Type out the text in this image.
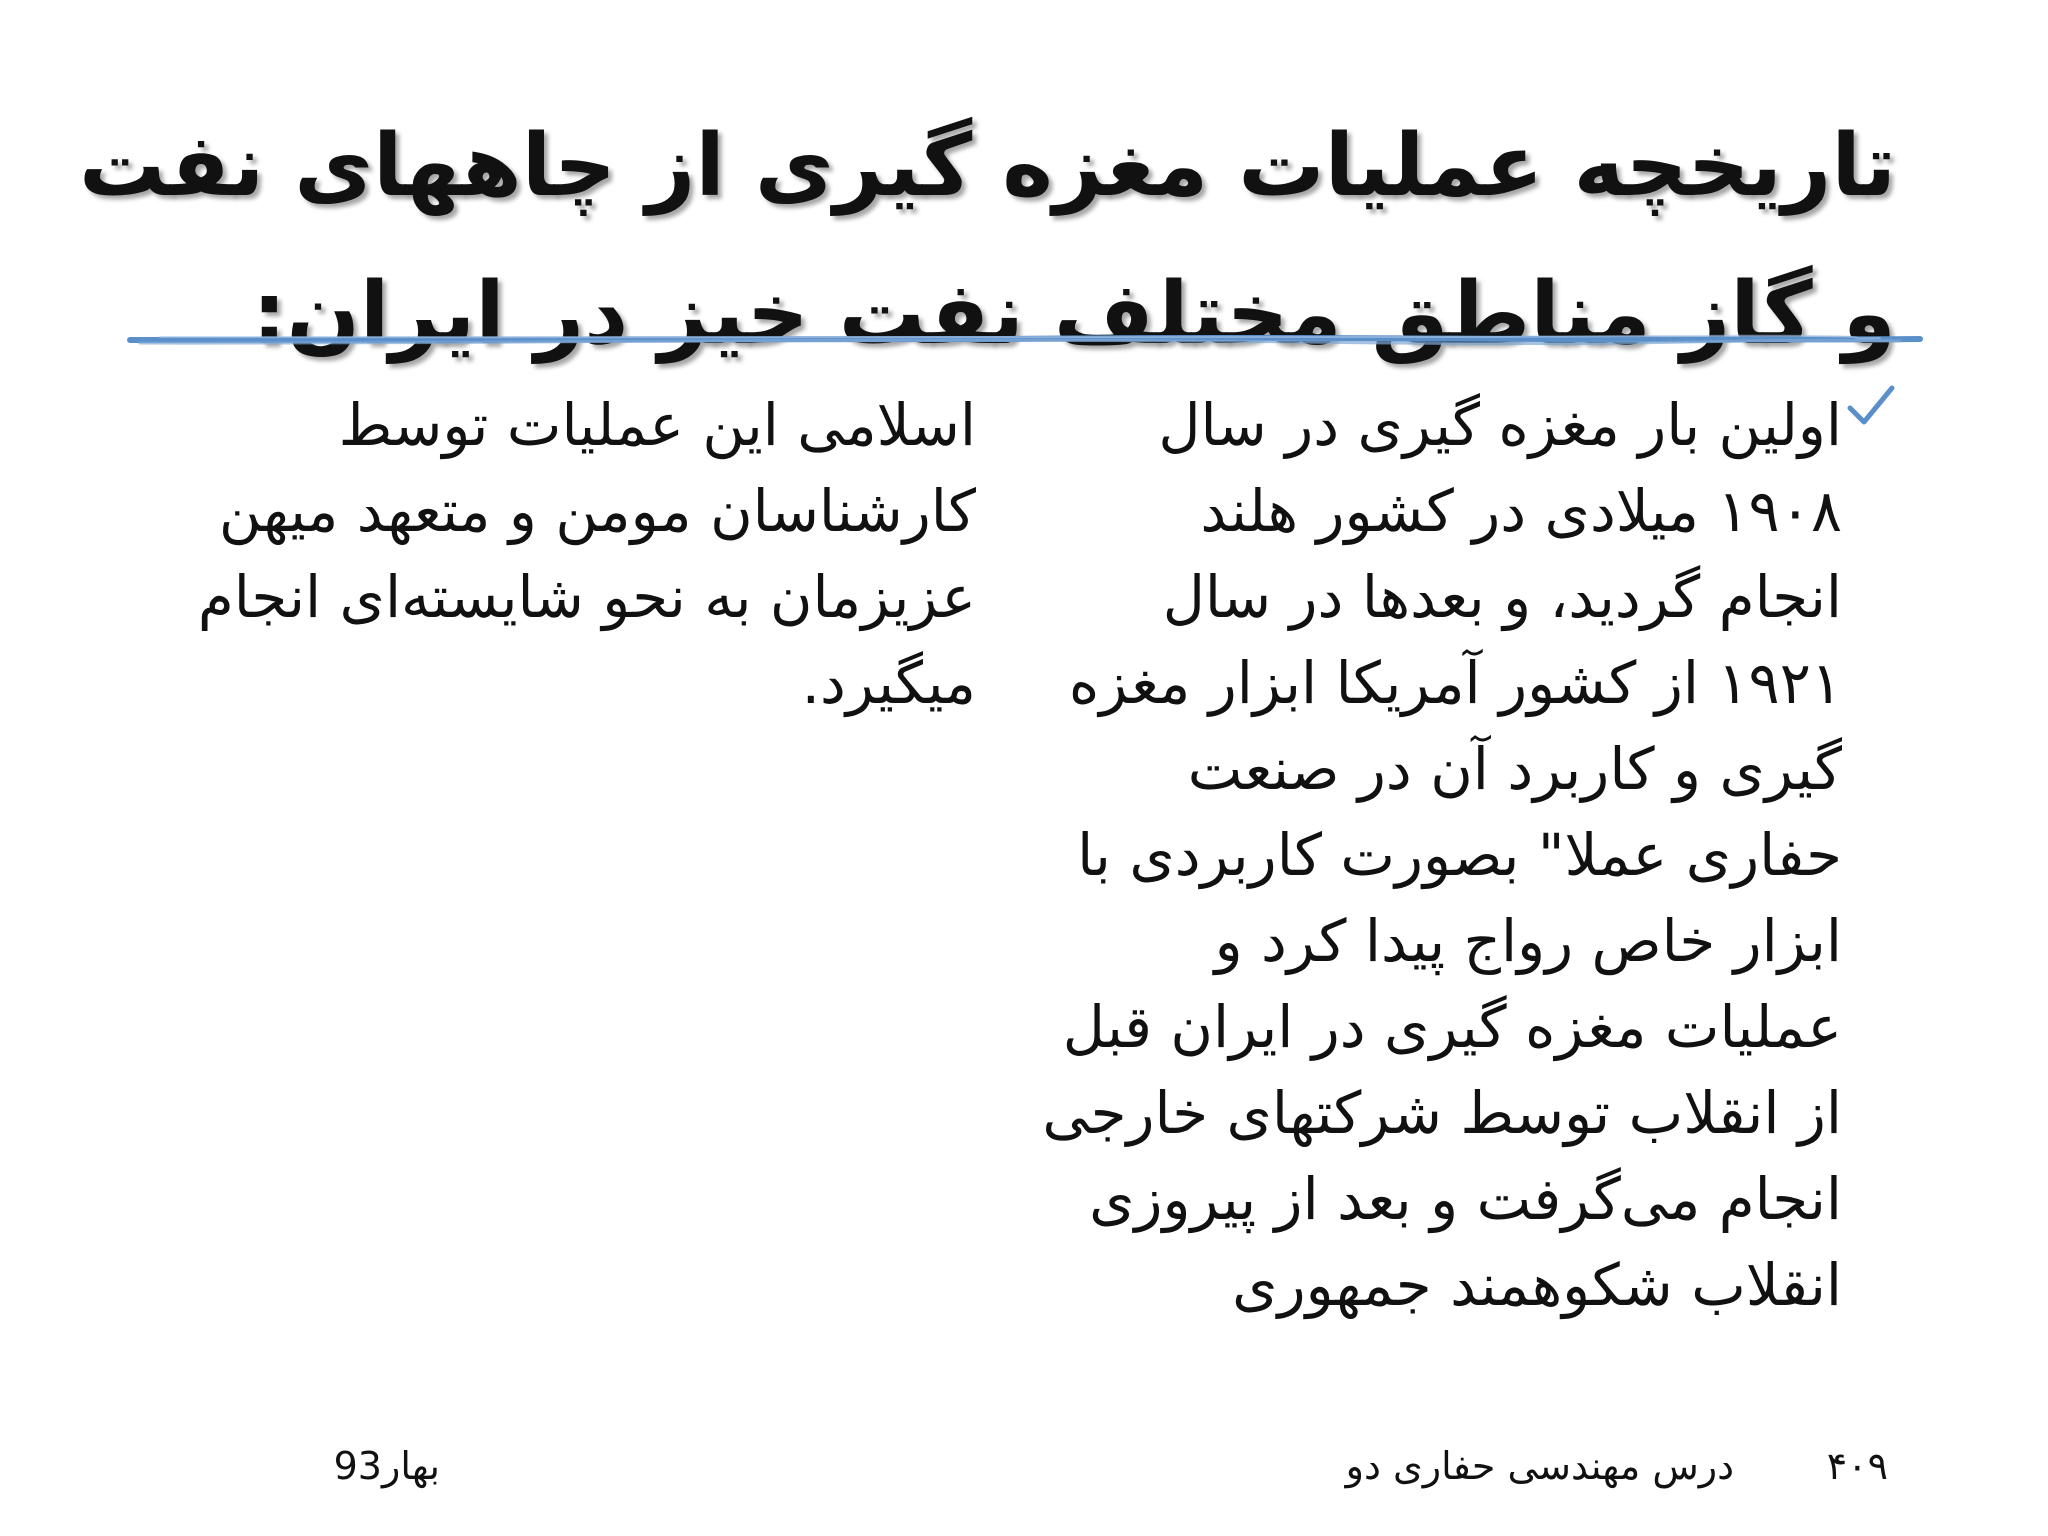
تاریخچه عملیات مغزه گیری از چاههای نفت
و گاز مناطق مختلف نفت خیز در ایران:
اولین بار مغزه گیری در سال
۱۹۰۸ میلادی در کشور هلند
انجام گردید، و بعدها در سال
۱۹۲۱ از کشور آمریکا ابزار مغزه
گیری و کاربرد آن در صنعت
حفاری عملا" بصورت کاربردی با
ابزار خاص رواج پیدا کرد و
عملیات مغزه گیری در ایران قبل
از انقلاب توسط شرکتهای خارجی
انجام می‌گرفت و بعد از پیروزی
انقلاب شکوهمند جمهوری
اسلامی این عملیات توسط
کارشناسان مومن و متعهد میهن
عزیزمان به نحو شایسته‌ای انجام
میگیرد.
۴۰۹
درس مهندسی حفاری دو
بهار93
